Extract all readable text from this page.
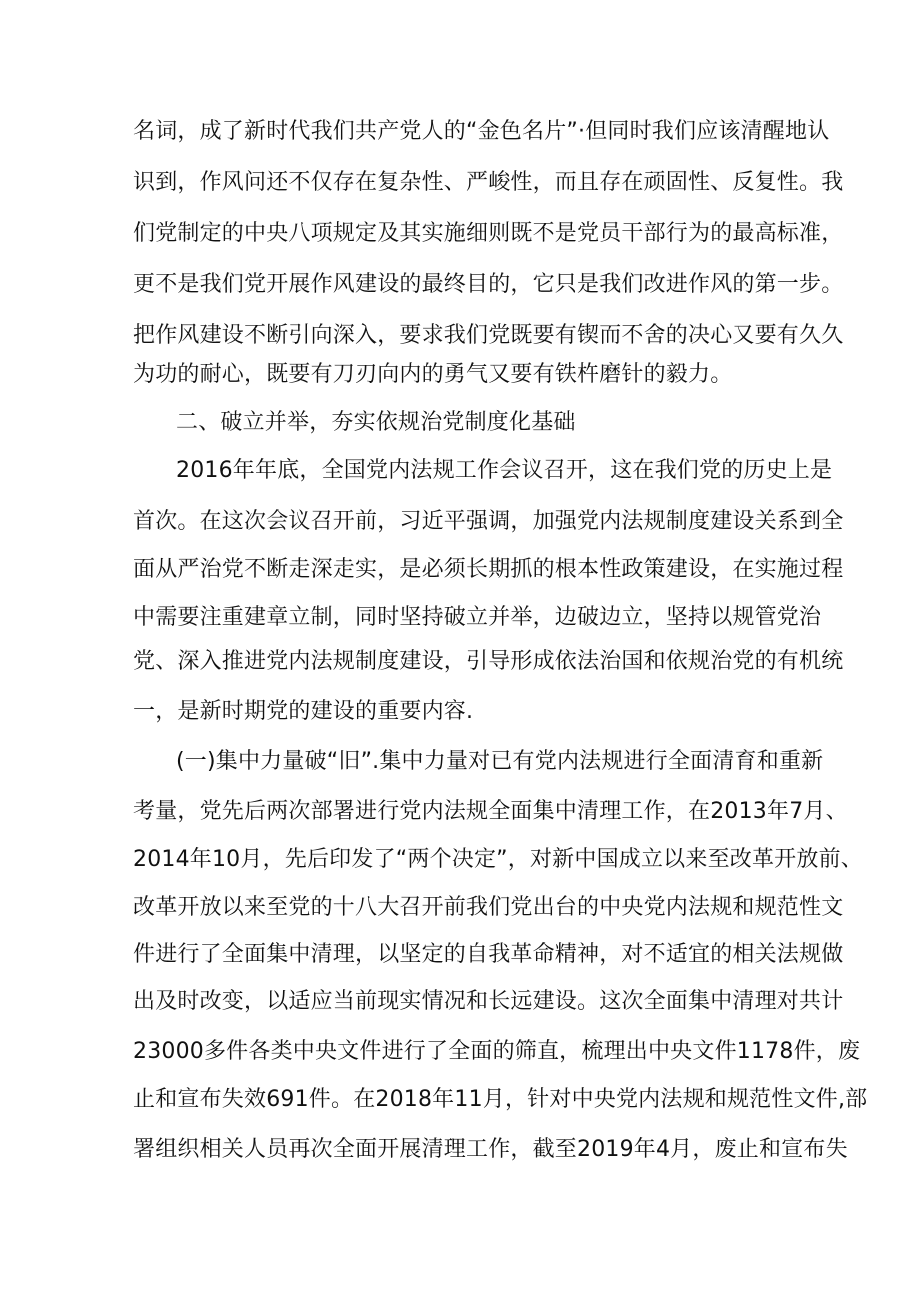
名词，成了新时代我们共产党人的“金色名片”·但同时我们应该清醒地认
识到，作风问还不仅存在复杂性、严峻性，而且存在顽固性、反复性。我
们党制定的中央八项规定及其实施细则既不是党员干部行为的最高标准，
更不是我们党开展作风建设的最终目的，它只是我们改进作风的第一步。
把作风建设不断引向深入，要求我们党既要有锲而不舍的决心又要有久久
为功的耐心，既要有刀刃向内的勇气又要有铁杵磨针的毅力。
二、破立并举，夯实依规治党制度化基础
2016年年底，全国党内法规工作会议召开，这在我们党的历史上是
首次。在这次会议召开前，习近平强调，加强党内法规制度建设关系到全
面从严治党不断走深走实，是必须长期抓的根本性政策建设，在实施过程
中需要注重建章立制，同时坚持破立并举，边破边立，坚持以规管党治
党、深入推进党内法规制度建设，引导形成依法治国和依规治党的有机统
一，是新时期党的建设的重要内容.
(一)集中力量破“旧”.集中力量对已有党内法规进行全面清育和重新
考量，党先后两次部署进行党内法规全面集中清理工作，在2013年7月、
2014年10月，先后印发了“两个决定”，对新中国成立以来至改革开放前、
改革开放以来至党的十八大召开前我们党出台的中央党内法规和规范性文
件进行了全面集中清理，以坚定的自我革命精神，对不适宜的相关法规做
出及时改变，以适应当前现实情况和长远建设。这次全面集中清理对共计
23000多件各类中央文件进行了全面的筛直，梳理出中央文件1178件，废
止和宣布失效691件。在2018年11月，针对中央党内法规和规范性文件,部
署组织相关人员再次全面开展清理工作，截至2019年4月，废止和宣布失
